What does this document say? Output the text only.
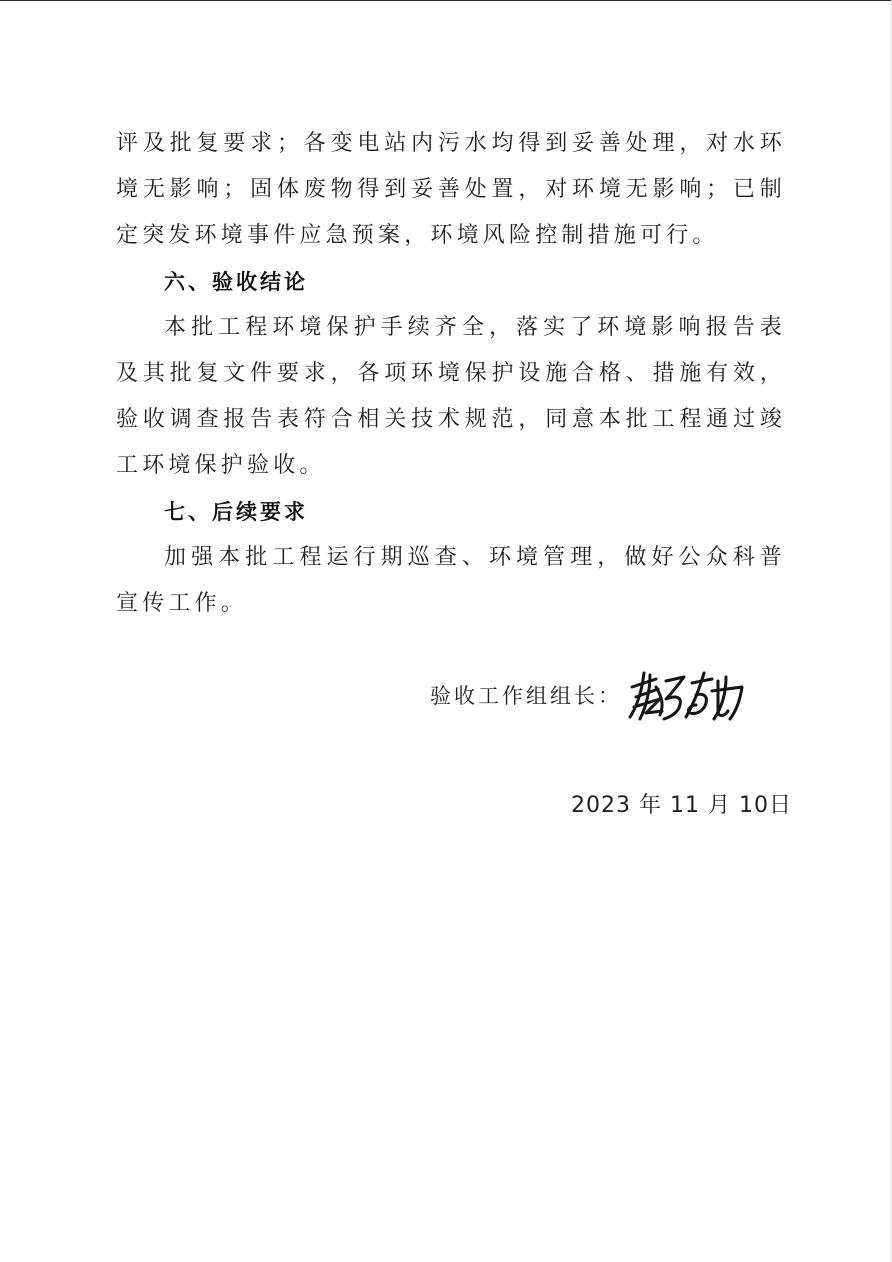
评及批复要求；各变电站内污水均得到妥善处理，对水环境无影响；固体废物得到妥善处置，对环境无影响；已制定突发环境事件应急预案，环境风险控制措施可行。

六、验收结论

本批工程环境保护手续齐全，落实了环境影响报告表及其批复文件要求，各项环境保护设施合格、措施有效，验收调查报告表符合相关技术规范，同意本批工程通过竣工环境保护验收。

七、后续要求

加强本批工程运行期巡查、环境管理，做好公众科普宣传工作。

验收工作组组长：
2023 年 11 月 10日
